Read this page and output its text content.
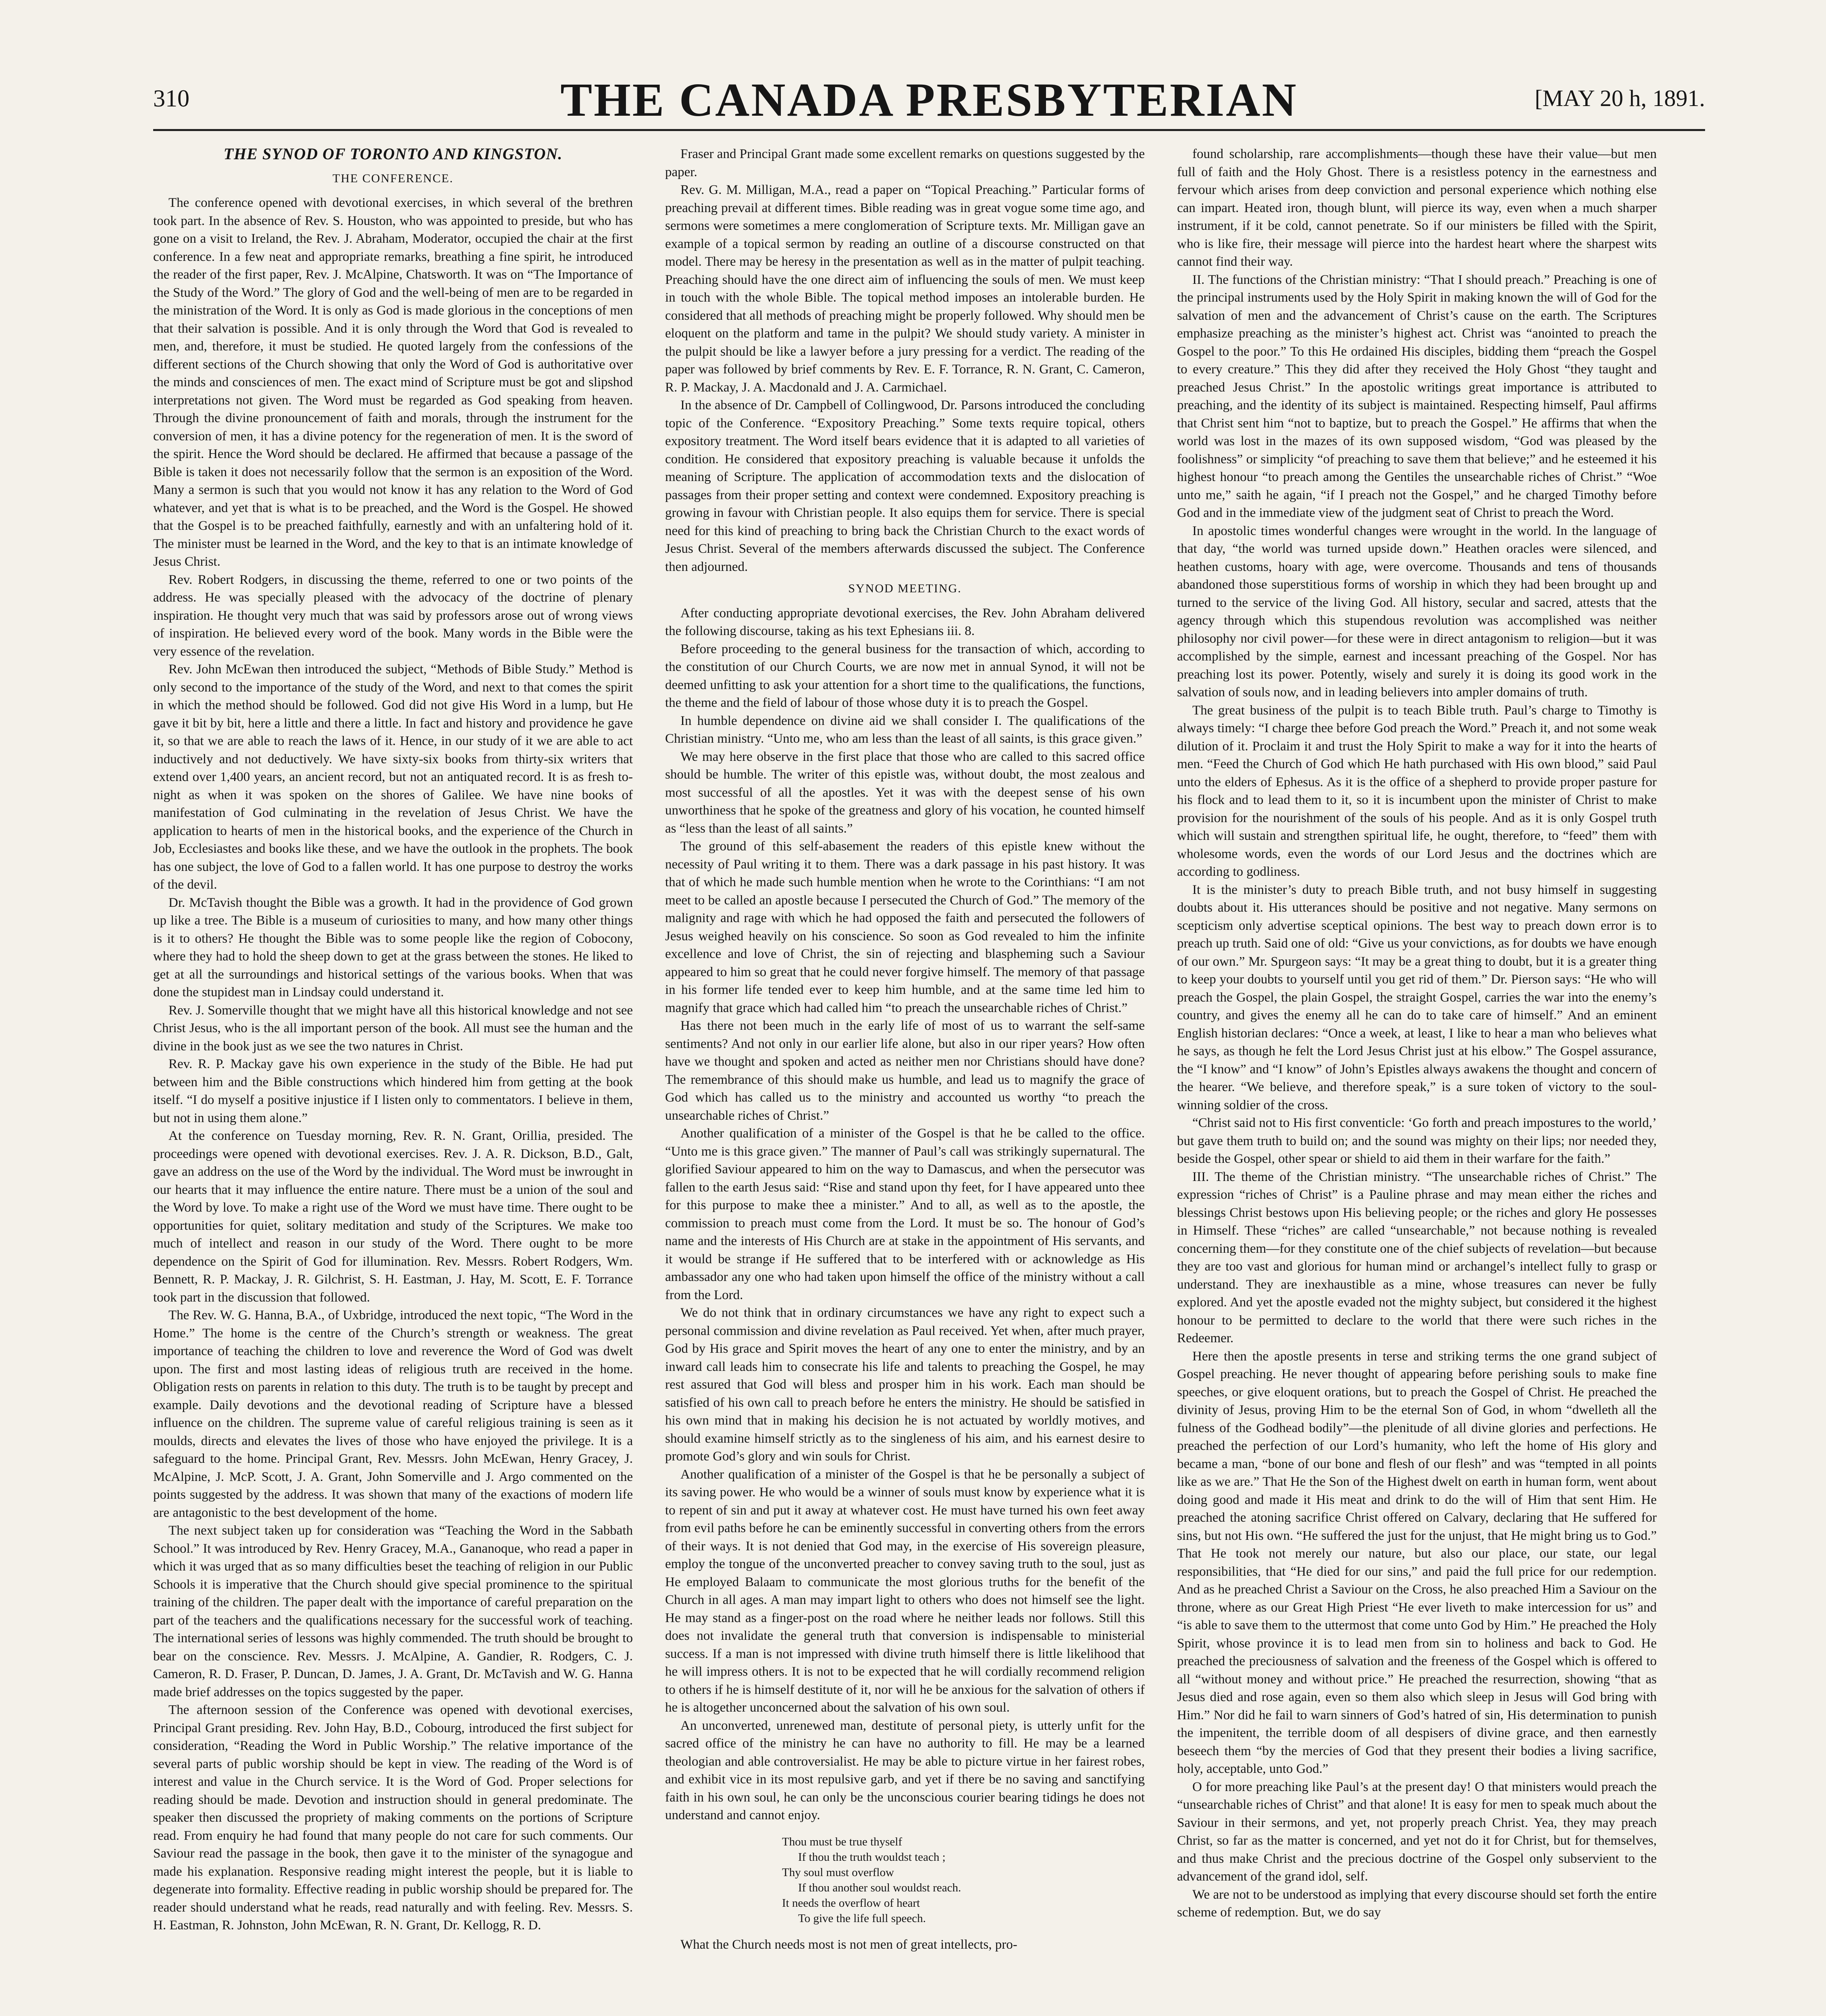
310	THE CANADA PRESBYTERIAN	[MAY 20 h, 1891.
THE SYNOD OF TORONTO AND KINGSTON.
THE CONFERENCE.

The conference opened with devotional exercises, in which several of the brethren took part. In the absence of Rev. S. Houston, who was appointed to preside, but who has gone on a visit to Ireland, the Rev. J. Abraham, Moderator, occupied the chair at the first conference. In a few neat and appropriate remarks, breathing a fine spirit, he introduced the reader of the first paper, Rev. J. McAlpine, Chatsworth. It was on “The Importance of the Study of the Word.” The glory of God and the well-being of men are to be regarded in the ministration of the Word. It is only as God is made glorious in the conceptions of men that their salvation is possible. And it is only through the Word that God is revealed to men, and, therefore, it must be studied. He quoted largely from the confessions of the different sections of the Church showing that only the Word of God is authoritative over the minds and consciences of men. The exact mind of Scripture must be got and slipshod interpretations not given. The Word must be regarded as God speaking from heaven. Through the divine pronouncement of faith and morals, through the instrument for the conversion of men, it has a divine potency for the regeneration of men. It is the sword of the spirit. Hence the Word should be declared. He affirmed that because a passage of the Bible is taken it does not necessarily follow that the sermon is an exposition of the Word. Many a sermon is such that you would not know it has any relation to the Word of God whatever, and yet that is what is to be preached, and the Word is the Gospel. He showed that the Gospel is to be preached faithfully, earnestly and with an unfaltering hold of it. The minister must be learned in the Word, and the key to that is an intimate knowledge of Jesus Christ.

Rev. Robert Rodgers, in discussing the theme, referred to one or two points of the address. He was specially pleased with the advocacy of the doctrine of plenary inspiration. He thought very much that was said by professors arose out of wrong views of inspiration. He believed every word of the book. Many words in the Bible were the very essence of the revelation.

Rev. John McEwan then introduced the subject, “Methods of Bible Study.” Method is only second to the importance of the study of the Word, and next to that comes the spirit in which the method should be followed. God did not give His Word in a lump, but He gave it bit by bit, here a little and there a little. In fact and history and providence he gave it, so that we are able to reach the laws of it. Hence, in our study of it we are able to act inductively and not deductively. We have sixty-six books from thirty-six writers that extend over 1,400 years, an ancient record, but not an antiquated record. It is as fresh to-night as when it was spoken on the shores of Galilee. We have nine books of manifestation of God culminating in the revelation of Jesus Christ. We have the application to hearts of men in the historical books, and the experience of the Church in Job, Ecclesiastes and books like these, and we have the outlook in the prophets. The book has one subject, the love of God to a fallen world. It has one purpose to destroy the works of the devil.

Dr. McTavish thought the Bible was a growth. It had in the providence of God grown up like a tree. The Bible is a museum of curiosities to many, and how many other things is it to others? He thought the Bible was to some people like the region of Cobocony, where they had to hold the sheep down to get at the grass between the stones. He liked to get at all the surroundings and historical settings of the various books. When that was done the stupidest man in Lindsay could understand it.

Rev. J. Somerville thought that we might have all this historical knowledge and not see Christ Jesus, who is the all important person of the book. All must see the human and the divine in the book just as we see the two natures in Christ.

Rev. R. P. Mackay gave his own experience in the study of the Bible. He had put between him and the Bible constructions which hindered him from getting at the book itself. “I do myself a positive injustice if I listen only to commentators. I believe in them, but not in using them alone.”

At the conference on Tuesday morning, Rev. R. N. Grant, Orillia, presided. The proceedings were opened with devotional exercises. Rev. J. A. R. Dickson, B.D., Galt, gave an address on the use of the Word by the individual. The Word must be inwrought in our hearts that it may influence the entire nature. There must be a union of the soul and the Word by love. To make a right use of the Word we must have time. There ought to be opportunities for quiet, solitary meditation and study of the Scriptures. We make too much of intellect and reason in our study of the Word. There ought to be more dependence on the Spirit of God for illumination. Rev. Messrs. Robert Rodgers, Wm. Bennett, R. P. Mackay, J. R. Gilchrist, S. H. Eastman, J. Hay, M. Scott, E. F. Torrance took part in the discussion that followed.

The Rev. W. G. Hanna, B.A., of Uxbridge, introduced the next topic, “The Word in the Home.” The home is the centre of the Church’s strength or weakness. The great importance of teaching the children to love and reverence the Word of God was dwelt upon. The first and most lasting ideas of religious truth are received in the home. Obligation rests on parents in relation to this duty. The truth is to be taught by precept and example. Daily devotions and the devotional reading of Scripture have a blessed influence on the children. The supreme value of careful religious training is seen as it moulds, directs and elevates the lives of those who have enjoyed the privilege. It is a safeguard to the home. Principal Grant, Rev. Messrs. John McEwan, Henry Gracey, J. McAlpine, J. McP. Scott, J. A. Grant, John Somerville and J. Argo commented on the points suggested by the address. It was shown that many of the exactions of modern life are antagonistic to the best development of the home.

The next subject taken up for consideration was “Teaching the Word in the Sabbath School.” It was introduced by Rev. Henry Gracey, M.A., Gananoque, who read a paper in which it was urged that as so many difficulties beset the teaching of religion in our Public Schools it is imperative that the Church should give special prominence to the spiritual training of the children. The paper dealt with the importance of careful preparation on the part of the teachers and the qualifications necessary for the successful work of teaching. The international series of lessons was highly commended. The truth should be brought to bear on the conscience. Rev. Messrs. J. McAlpine, A. Gandier, R. Rodgers, C. J. Cameron, R. D. Fraser, P. Duncan, D. James, J. A. Grant, Dr. McTavish and W. G. Hanna made brief addresses on the topics suggested by the paper.

The afternoon session of the Conference was opened with devotional exercises, Principal Grant presiding. Rev. John Hay, B.D., Cobourg, introduced the first subject for consideration, “Reading the Word in Public Worship.” The relative importance of the several parts of public worship should be kept in view. The reading of the Word is of interest and value in the Church service. It is the Word of God. Proper selections for reading should be made. Devotion and instruction should in general predominate. The speaker then discussed the propriety of making comments on the portions of Scripture read. From enquiry he had found that many people do not care for such comments. Our Saviour read the passage in the book, then gave it to the minister of the synagogue and made his explanation. Responsive reading might interest the people, but it is liable to degenerate into formality. Effective reading in public worship should be prepared for. The reader should understand what he reads, read naturally and with feeling. Rev. Messrs. S. H. Eastman, R. Johnston, John McEwan, R. N. Grant, Dr. Kellogg, R. D.

Fraser and Principal Grant made some excellent remarks on questions suggested by the paper.

Rev. G. M. Milligan, M.A., read a paper on “Topical Preaching.” Particular forms of preaching prevail at different times. Bible reading was in great vogue some time ago, and sermons were sometimes a mere conglomeration of Scripture texts. Mr. Milligan gave an example of a topical sermon by reading an outline of a discourse constructed on that model. There may be heresy in the presentation as well as in the matter of pulpit teaching. Preaching should have the one direct aim of influencing the souls of men. We must keep in touch with the whole Bible. The topical method imposes an intolerable burden. He considered that all methods of preaching might be properly followed. Why should men be eloquent on the platform and tame in the pulpit? We should study variety. A minister in the pulpit should be like a lawyer before a jury pressing for a verdict. The reading of the paper was followed by brief comments by Rev. E. F. Torrance, R. N. Grant, C. Cameron, R. P. Mackay, J. A. Macdonald and J. A. Carmichael.

In the absence of Dr. Campbell of Collingwood, Dr. Parsons introduced the concluding topic of the Conference. “Expository Preaching.” Some texts require topical, others expository treatment. The Word itself bears evidence that it is adapted to all varieties of condition. He considered that expository preaching is valuable because it unfolds the meaning of Scripture. The application of accommodation texts and the dislocation of passages from their proper setting and context were condemned. Expository preaching is growing in favour with Christian people. It also equips them for service. There is special need for this kind of preaching to bring back the Christian Church to the exact words of Jesus Christ. Several of the members afterwards discussed the subject. The Conference then adjourned.

SYNOD MEETING.

After conducting appropriate devotional exercises, the Rev. John Abraham delivered the following discourse, taking as his text Ephesians iii. 8.

Before proceeding to the general business for the transaction of which, according to the constitution of our Church Courts, we are now met in annual Synod, it will not be deemed unfitting to ask your attention for a short time to the qualifications, the functions, the theme and the field of labour of those whose duty it is to preach the Gospel.

In humble dependence on divine aid we shall consider I. The qualifications of the Christian ministry. “Unto me, who am less than the least of all saints, is this grace given.”

We may here observe in the first place that those who are called to this sacred office should be humble. The writer of this epistle was, without doubt, the most zealous and most successful of all the apostles. Yet it was with the deepest sense of his own unworthiness that he spoke of the greatness and glory of his vocation, he counted himself as “less than the least of all saints.”

The ground of this self-abasement the readers of this epistle knew without the necessity of Paul writing it to them. There was a dark passage in his past history. It was that of which he made such humble mention when he wrote to the Corinthians: “I am not meet to be called an apostle because I persecuted the Church of God.” The memory of the malignity and rage with which he had opposed the faith and persecuted the followers of Jesus weighed heavily on his conscience. So soon as God revealed to him the infinite excellence and love of Christ, the sin of rejecting and blaspheming such a Saviour appeared to him so great that he could never forgive himself. The memory of that passage in his former life tended ever to keep him humble, and at the same time led him to magnify that grace which had called him “to preach the unsearchable riches of Christ.”

Has there not been much in the early life of most of us to warrant the self-same sentiments? And not only in our earlier life alone, but also in our riper years? How often have we thought and spoken and acted as neither men nor Christians should have done? The remembrance of this should make us humble, and lead us to magnify the grace of God which has called us to the ministry and accounted us worthy “to preach the unsearchable riches of Christ.”

Another qualification of a minister of the Gospel is that he be called to the office. “Unto me is this grace given.” The manner of Paul’s call was strikingly supernatural. The glorified Saviour appeared to him on the way to Damascus, and when the persecutor was fallen to the earth Jesus said: “Rise and stand upon thy feet, for I have appeared unto thee for this purpose to make thee a minister.” And to all, as well as to the apostle, the commission to preach must come from the Lord. It must be so. The honour of God’s name and the interests of His Church are at stake in the appointment of His servants, and it would be strange if He suffered that to be interfered with or acknowledge as His ambassador any one who had taken upon himself the office of the ministry without a call from the Lord.

We do not think that in ordinary circumstances we have any right to expect such a personal commission and divine revelation as Paul received. Yet when, after much prayer, God by His grace and Spirit moves the heart of any one to enter the ministry, and by an inward call leads him to consecrate his life and talents to preaching the Gospel, he may rest assured that God will bless and prosper him in his work. Each man should be satisfied of his own call to preach before he enters the ministry. He should be satisfied in his own mind that in making his decision he is not actuated by worldly motives, and should examine himself strictly as to the singleness of his aim, and his earnest desire to promote God’s glory and win souls for Christ.

Another qualification of a minister of the Gospel is that he be personally a subject of its saving power. He who would be a winner of souls must know by experience what it is to repent of sin and put it away at whatever cost. He must have turned his own feet away from evil paths before he can be eminently successful in converting others from the errors of their ways. It is not denied that God may, in the exercise of His sovereign pleasure, employ the tongue of the unconverted preacher to convey saving truth to the soul, just as He employed Balaam to communicate the most glorious truths for the benefit of the Church in all ages. A man may impart light to others who does not himself see the light. He may stand as a finger-post on the road where he neither leads nor follows. Still this does not invalidate the general truth that conversion is indispensable to ministerial success. If a man is not impressed with divine truth himself there is little likelihood that he will impress others. It is not to be expected that he will cordially recommend religion to others if he is himself destitute of it, nor will he be anxious for the salvation of others if he is altogether unconcerned about the salvation of his own soul.

An unconverted, unrenewed man, destitute of personal piety, is utterly unfit for the sacred office of the ministry he can have no authority to fill. He may be a learned theologian and able controversialist. He may be able to picture virtue in her fairest robes, and exhibit vice in its most repulsive garb, and yet if there be no saving and sanctifying faith in his own soul, he can only be the unconscious courier bearing tidings he does not understand and cannot enjoy.

Thou must be true thyself
If thou the truth wouldst teach ;
Thy soul must overflow
If thou another soul wouldst reach.
It needs the overflow of heart
To give the life full speech.

What the Church needs most is not men of great intellects, pro-

found scholarship, rare accomplishments—though these have their value—but men full of faith and the Holy Ghost. There is a resistless potency in the earnestness and fervour which arises from deep conviction and personal experience which nothing else can impart. Heated iron, though blunt, will pierce its way, even when a much sharper instrument, if it be cold, cannot penetrate. So if our ministers be filled with the Spirit, who is like fire, their message will pierce into the hardest heart where the sharpest wits cannot find their way.

II. The functions of the Christian ministry: “That I should preach.” Preaching is one of the principal instruments used by the Holy Spirit in making known the will of God for the salvation of men and the advancement of Christ’s cause on the earth. The Scriptures emphasize preaching as the minister’s highest act. Christ was “anointed to preach the Gospel to the poor.” To this He ordained His disciples, bidding them “preach the Gospel to every creature.” This they did after they received the Holy Ghost “they taught and preached Jesus Christ.” In the apostolic writings great importance is attributed to preaching, and the identity of its subject is maintained. Respecting himself, Paul affirms that Christ sent him “not to baptize, but to preach the Gospel.” He affirms that when the world was lost in the mazes of its own supposed wisdom, “God was pleased by the foolishness” or simplicity “of preaching to save them that believe;” and he esteemed it his highest honour “to preach among the Gentiles the unsearchable riches of Christ.” “Woe unto me,” saith he again, “if I preach not the Gospel,” and he charged Timothy before God and in the immediate view of the judgment seat of Christ to preach the Word.

In apostolic times wonderful changes were wrought in the world. In the language of that day, “the world was turned upside down.” Heathen oracles were silenced, and heathen customs, hoary with age, were overcome. Thousands and tens of thousands abandoned those superstitious forms of worship in which they had been brought up and turned to the service of the living God. All history, secular and sacred, attests that the agency through which this stupendous revolution was accomplished was neither philosophy nor civil power—for these were in direct antagonism to religion—but it was accomplished by the simple, earnest and incessant preaching of the Gospel. Nor has preaching lost its power. Potently, wisely and surely it is doing its good work in the salvation of souls now, and in leading believers into ampler domains of truth.

The great business of the pulpit is to teach Bible truth. Paul’s charge to Timothy is always timely: “I charge thee before God preach the Word.” Preach it, and not some weak dilution of it. Proclaim it and trust the Holy Spirit to make a way for it into the hearts of men. “Feed the Church of God which He hath purchased with His own blood,” said Paul unto the elders of Ephesus. As it is the office of a shepherd to provide proper pasture for his flock and to lead them to it, so it is incumbent upon the minister of Christ to make provision for the nourishment of the souls of his people. And as it is only Gospel truth which will sustain and strengthen spiritual life, he ought, therefore, to “feed” them with wholesome words, even the words of our Lord Jesus and the doctrines which are according to godliness.

It is the minister’s duty to preach Bible truth, and not busy himself in suggesting doubts about it. His utterances should be positive and not negative. Many sermons on scepticism only advertise sceptical opinions. The best way to preach down error is to preach up truth. Said one of old: “Give us your convictions, as for doubts we have enough of our own.” Mr. Spurgeon says: “It may be a great thing to doubt, but it is a greater thing to keep your doubts to yourself until you get rid of them.” Dr. Pierson says: “He who will preach the Gospel, the plain Gospel, the straight Gospel, carries the war into the enemy’s country, and gives the enemy all he can do to take care of himself.” And an eminent English historian declares: “Once a week, at least, I like to hear a man who believes what he says, as though he felt the Lord Jesus Christ just at his elbow.” The Gospel assurance, the “I know” and “I know” of John’s Epistles always awakens the thought and concern of the hearer. “We believe, and therefore speak,” is a sure token of victory to the soul-winning soldier of the cross.

“Christ said not to His first conventicle: ‘Go forth and preach impostures to the world,’ but gave them truth to build on; and the sound was mighty on their lips; nor needed they, beside the Gospel, other spear or shield to aid them in their warfare for the faith.”

III. The theme of the Christian ministry. “The unsearchable riches of Christ.” The expression “riches of Christ” is a Pauline phrase and may mean either the riches and blessings Christ bestows upon His believing people; or the riches and glory He possesses in Himself. These “riches” are called “unsearchable,” not because nothing is revealed concerning them—for they constitute one of the chief subjects of revelation—but because they are too vast and glorious for human mind or archangel’s intellect fully to grasp or understand. They are inexhaustible as a mine, whose treasures can never be fully explored. And yet the apostle evaded not the mighty subject, but considered it the highest honour to be permitted to declare to the world that there were such riches in the Redeemer.

Here then the apostle presents in terse and striking terms the one grand subject of Gospel preaching. He never thought of appearing before perishing souls to make fine speeches, or give eloquent orations, but to preach the Gospel of Christ. He preached the divinity of Jesus, proving Him to be the eternal Son of God, in whom “dwelleth all the fulness of the Godhead bodily”—the plenitude of all divine glories and perfections. He preached the perfection of our Lord’s humanity, who left the home of His glory and became a man, “bone of our bone and flesh of our flesh” and was “tempted in all points like as we are.” That He the Son of the Highest dwelt on earth in human form, went about doing good and made it His meat and drink to do the will of Him that sent Him. He preached the atoning sacrifice Christ offered on Calvary, declaring that He suffered for sins, but not His own. “He suffered the just for the unjust, that He might bring us to God.” That He took not merely our nature, but also our place, our state, our legal responsibilities, that “He died for our sins,” and paid the full price for our redemption. And as he preached Christ a Saviour on the Cross, he also preached Him a Saviour on the throne, where as our Great High Priest “He ever liveth to make intercession for us” and “is able to save them to the uttermost that come unto God by Him.” He preached the Holy Spirit, whose province it is to lead men from sin to holiness and back to God. He preached the preciousness of salvation and the freeness of the Gospel which is offered to all “without money and without price.” He preached the resurrection, showing “that as Jesus died and rose again, even so them also which sleep in Jesus will God bring with Him.” Nor did he fail to warn sinners of God’s hatred of sin, His determination to punish the impenitent, the terrible doom of all despisers of divine grace, and then earnestly beseech them “by the mercies of God that they present their bodies a living sacrifice, holy, acceptable, unto God.”

O for more preaching like Paul’s at the present day! O that ministers would preach the “unsearchable riches of Christ” and that alone! It is easy for men to speak much about the Saviour in their sermons, and yet, not properly preach Christ. Yea, they may preach Christ, so far as the matter is concerned, and yet not do it for Christ, but for themselves, and thus make Christ and the precious doctrine of the Gospel only subservient to the advancement of the grand idol, self.

We are not to be understood as implying that every discourse should set forth the entire scheme of redemption. But, we do say
